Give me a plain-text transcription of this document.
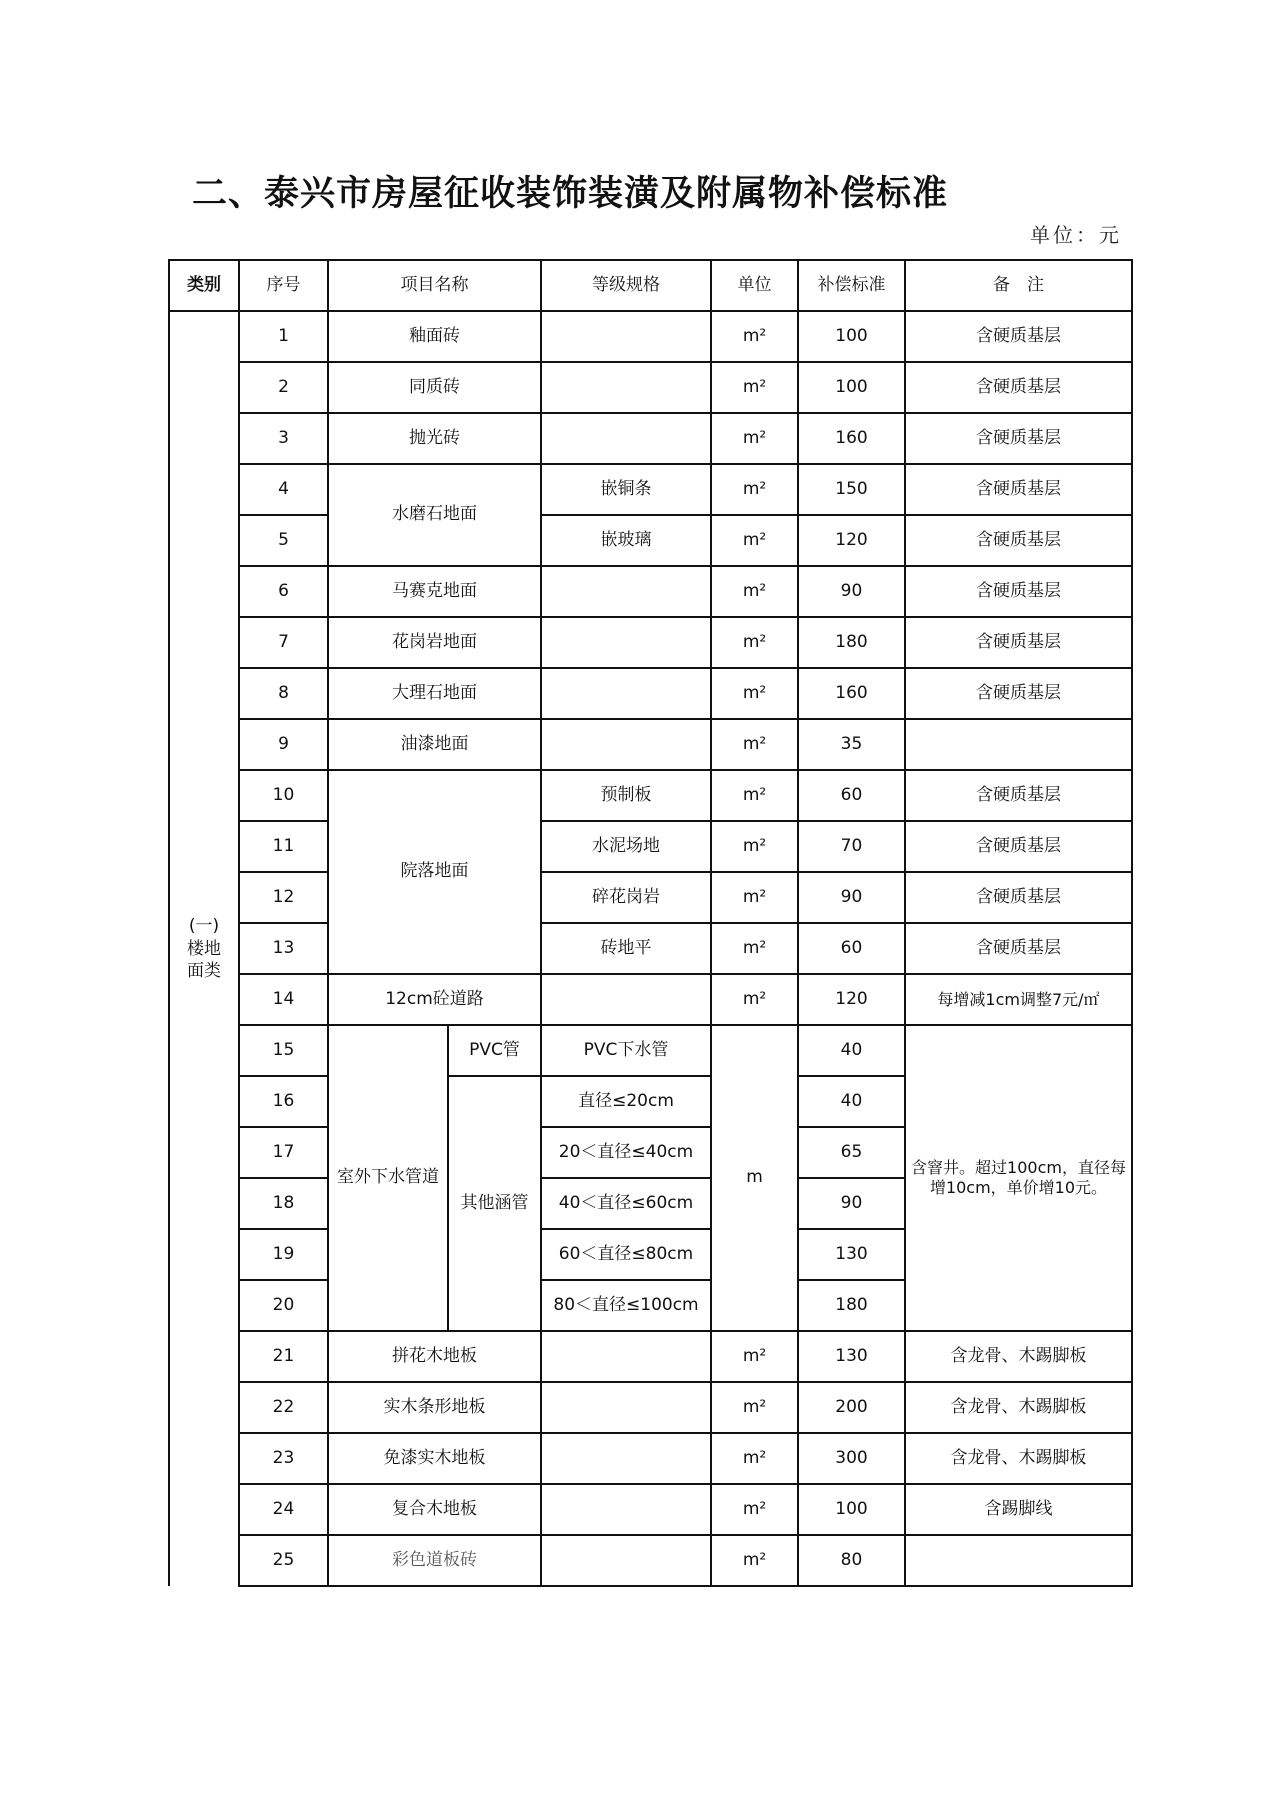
二、泰兴市房屋征收装饰装潢及附属物补偿标准
单位：元
类别	序号	项目名称		等级规格	单位	补偿标准	备　注
(一)
楼地
面类	1	釉面砖			m²	100	含硬质基层
	2	同质砖			m²	100	含硬质基层
	3	抛光砖			m²	160	含硬质基层
	4	水磨石地面		嵌铜条	m²	150	含硬质基层
	5			嵌玻璃	m²	120	含硬质基层
	6	马赛克地面			m²	90	含硬质基层
	7	花岗岩地面			m²	180	含硬质基层
	8	大理石地面			m²	160	含硬质基层
	9	油漆地面			m²	35	
	10	院落地面		预制板	m²	60	含硬质基层
	11			水泥场地	m²	70	含硬质基层
	12			碎花岗岩	m²	90	含硬质基层
	13			砖地平	m²	60	含硬质基层
	14	12cm砼道路			m²	120	每增减1cm调整7元/㎡
	15	室外下水管道	PVC管	PVC下水管	m	40	含窨井。超过100cm，直径每增10cm，单价增10元。
	16		其他涵管	直径≤20cm		40	
	17			20＜直径≤40cm		65	
	18			40＜直径≤60cm		90	
	19			60＜直径≤80cm		130	
	20			80＜直径≤100cm		180	
	21	拼花木地板			m²	130	含龙骨、木踢脚板
	22	实木条形地板			m²	200	含龙骨、木踢脚板
	23	免漆实木地板			m²	300	含龙骨、木踢脚板
	24	复合木地板			m²	100	含踢脚线
	25	彩色道板砖			m²	80	
